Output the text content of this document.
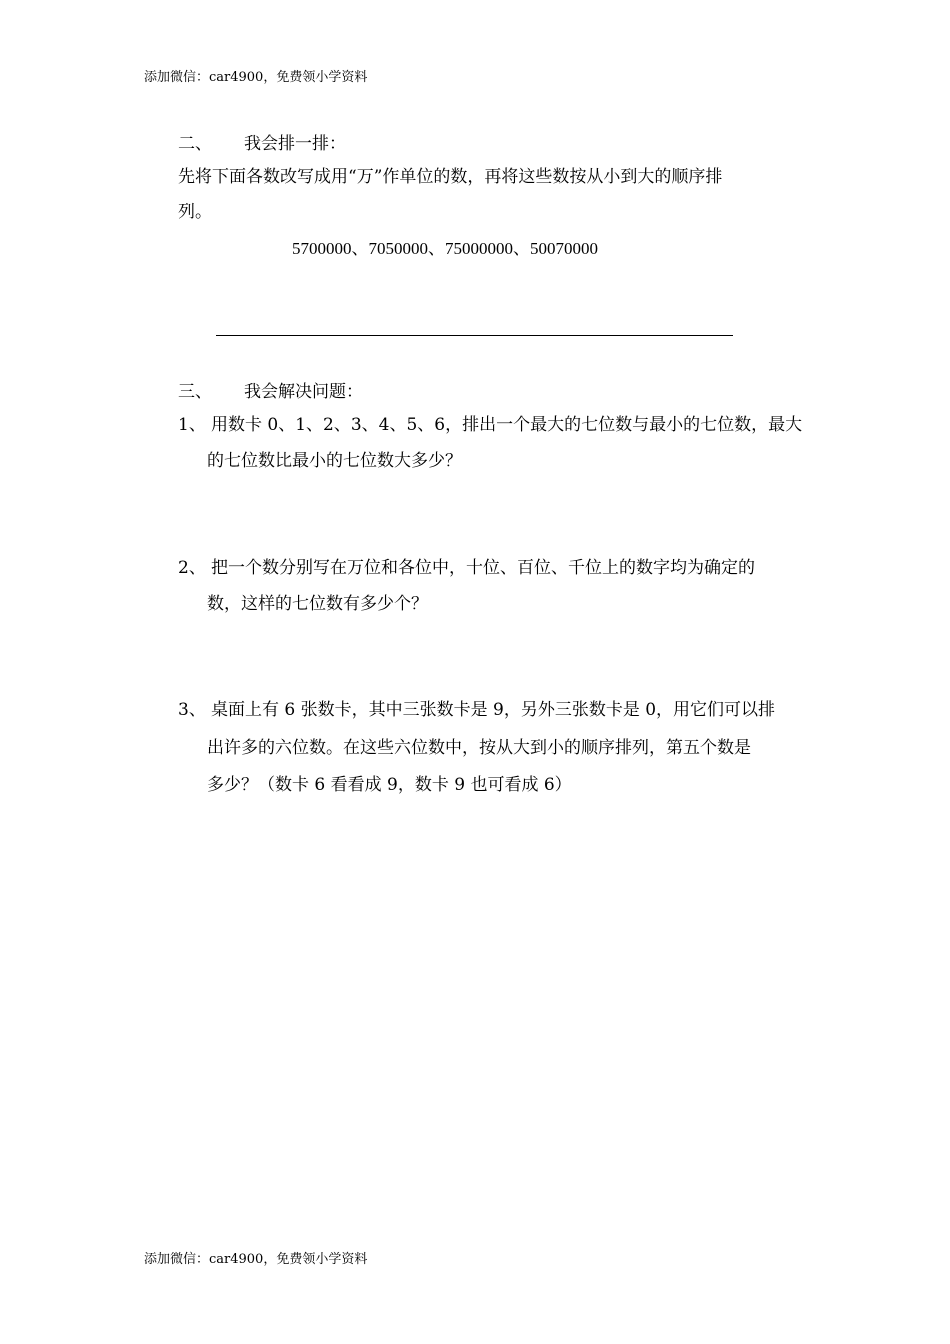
添加微信：car4900，免费领小学资料
二、 我会排一排：
先将下面各数改写成用“万”作单位的数，再将这些数按从小到大的顺序排
列。
5700000、7050000、75000000、50070000
三、 我会解决问题：
1、 用数卡 0、1、2、3、4、5、6，排出一个最大的七位数与最小的七位数，最大
的七位数比最小的七位数大多少？
2、 把一个数分别写在万位和各位中，十位、百位、千位上的数字均为确定的
数，这样的七位数有多少个？
3、 桌面上有 6 张数卡，其中三张数卡是 9，另外三张数卡是 0，用它们可以排
出许多的六位数。在这些六位数中，按从大到小的顺序排列，第五个数是
多少？（数卡 6 看看成 9，数卡 9 也可看成 6）
添加微信：car4900，免费领小学资料
